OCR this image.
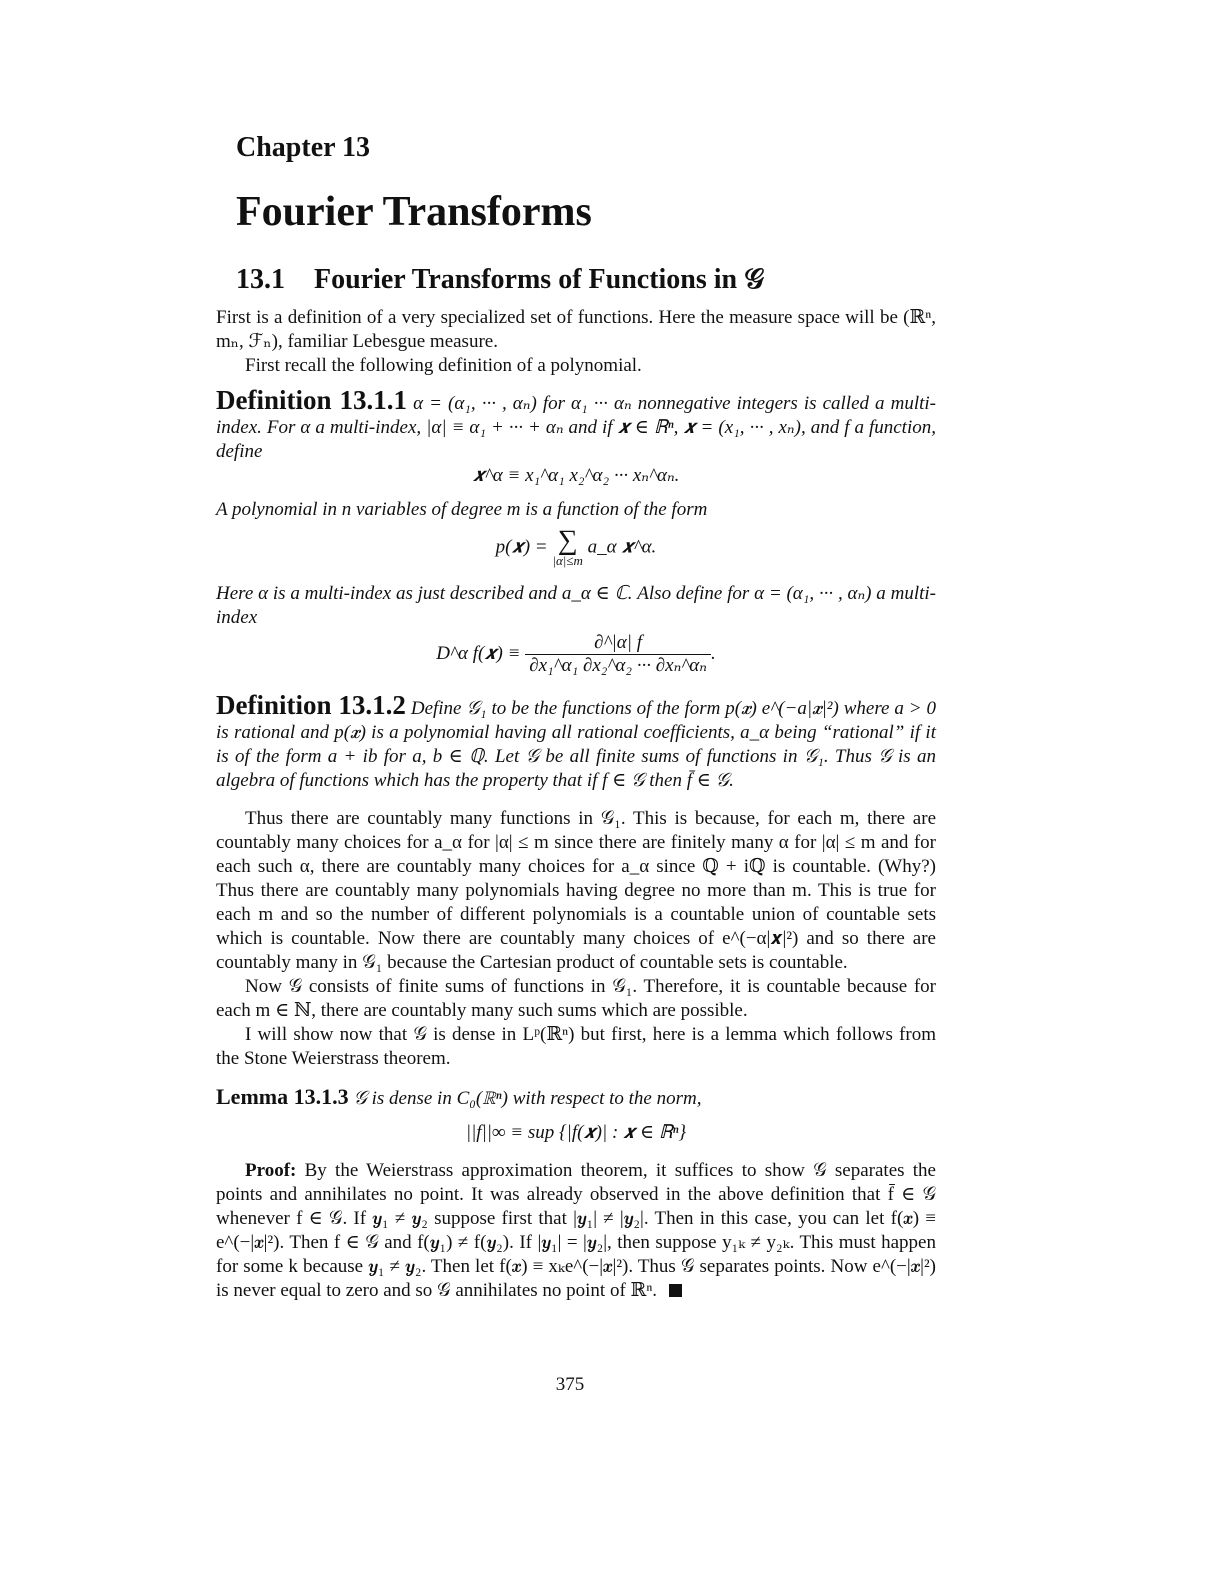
Chapter 13
Fourier Transforms
13.1 Fourier Transforms of Functions in 𝒢

First is a definition of a very specialized set of functions. Here the measure space will be (ℝⁿ, mₙ, ℱₙ), familiar Lebesgue measure.

First recall the following definition of a polynomial.

Definition 13.1.1 α = (α₁, ··· , αₙ) for α₁ ··· αₙ nonnegative integers is called a multi-index. For α a multi-index, |α| ≡ α₁ + ··· + αₙ and if 𝒙 ∈ ℝⁿ, 𝒙 = (x₁, ··· , xₙ), and f a function, define

𝒙^α ≡ x₁^α₁ x₂^α₂ ··· xₙ^αₙ.

A polynomial in n variables of degree m is a function of the form

p(𝒙) = ∑
|α|≤m
a_α 𝒙^α.

Here α is a multi-index as just described and a_α ∈ ℂ. Also define for α = (α₁, ··· , αₙ) a multi-index

D^α f(𝒙) ≡ $\frac{\partial\^{}|\alpha| f}{\text{∂x₁\textasciicircum{}α₁ ∂x₂\textasciicircum{}α₂ ··· ∂xₙ\textasciicircum{}αₙ}}$ .

Definition 13.1.2 Define 𝒢₁ to be the functions of the form p(𝒙) e^(−a|𝒙|²) where a > 0 is rational and p(𝒙) is a polynomial having all rational coefficients, a_α being “rational” if it is of the form a + ib for a, b ∈ ℚ. Let 𝒢 be all finite sums of functions in 𝒢₁. Thus 𝒢 is an algebra of functions which has the property that if f ∈ 𝒢 then f̄ ∈ 𝒢.

Thus there are countably many functions in 𝒢₁. This is because, for each m, there are countably many choices for a_α for |α| ≤ m since there are finitely many α for |α| ≤ m and for each such α, there are countably many choices for a_α since ℚ + iℚ is countable. (Why?) Thus there are countably many polynomials having degree no more than m. This is true for each m and so the number of different polynomials is a countable union of countable sets which is countable. Now there are countably many choices of e^(−α|𝒙|²) and so there are countably many in 𝒢₁ because the Cartesian product of countable sets is countable.

Now 𝒢 consists of finite sums of functions in 𝒢₁. Therefore, it is countable because for each m ∈ ℕ, there are countably many such sums which are possible.

I will show now that 𝒢 is dense in Lᵖ(ℝⁿ) but first, here is a lemma which follows from the Stone Weierstrass theorem.

Lemma 13.1.3 𝒢 is dense in C₀(ℝⁿ) with respect to the norm,

||f||∞ ≡ sup {|f(𝒙)| : 𝒙 ∈ ℝⁿ}

Proof: By the Weierstrass approximation theorem, it suffices to show 𝒢 separates the points and annihilates no point. It was already observed in the above definition that f̄ ∈ 𝒢 whenever f ∈ 𝒢. If 𝒚₁ ≠ 𝒚₂ suppose first that |𝒚₁| ≠ |𝒚₂|. Then in this case, you can let f(𝒙) ≡ e^(−|𝒙|²). Then f ∈ 𝒢 and f(𝒚₁) ≠ f(𝒚₂). If |𝒚₁| = |𝒚₂|, then suppose y₁ₖ ≠ y₂ₖ. This must happen for some k because 𝒚₁ ≠ 𝒚₂. Then let f(𝒙) ≡ xₖe^(−|𝒙|²). Thus 𝒢 separates points. Now e^(−|𝒙|²) is never equal to zero and so 𝒢 annihilates no point of ℝⁿ.

375
